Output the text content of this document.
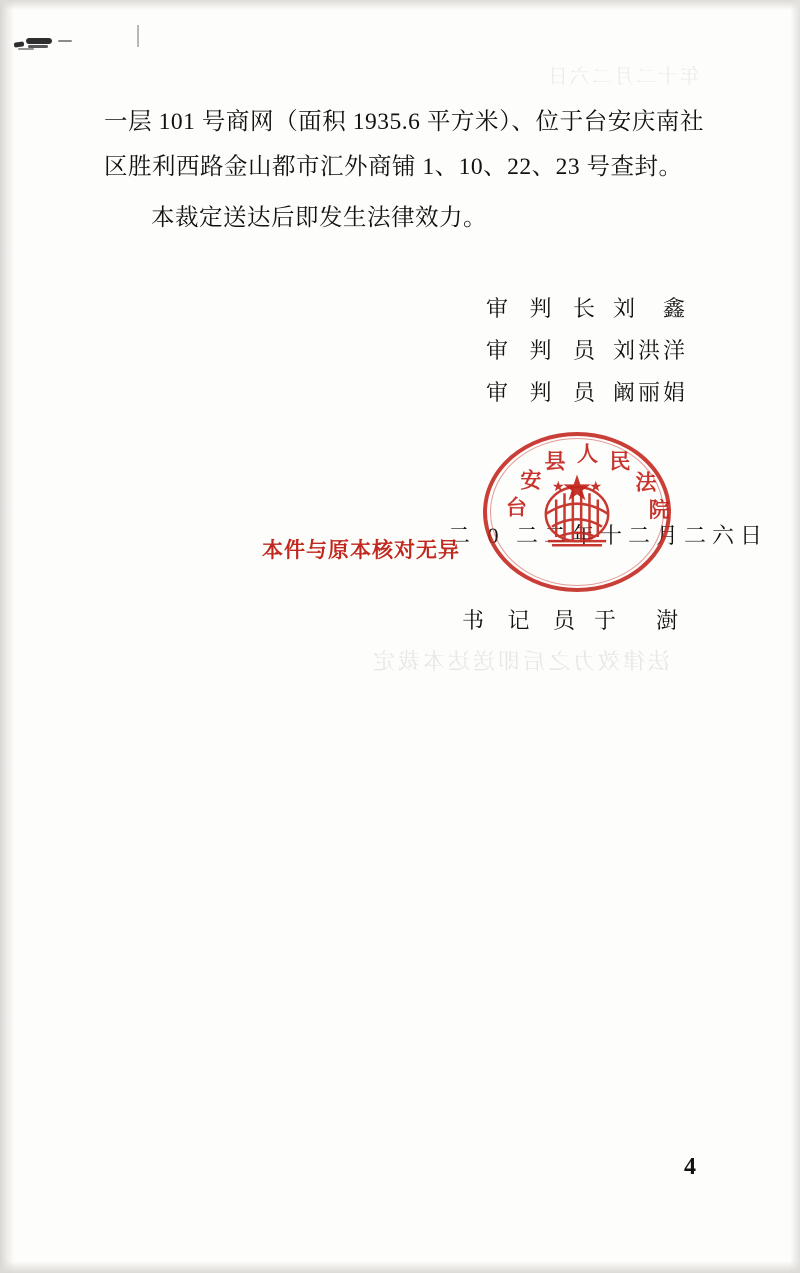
年十二月二六日

一层 101 号商网（面积 1935.6 平方米）、位于台安庆南社区胜利西路金山都市汇外商铺 1、10、22、23 号查封。

本裁定送达后即发生法律效力。

审 判 长 刘　鑫
审 判 员 刘洪洋
审 判 员 阚丽娟
二 0 二二年十二月二六日
本件与原本核对无异
台
安
县 人 民
法
院
书 记 员 于　澍
法律效力之后即送达本裁定
4
